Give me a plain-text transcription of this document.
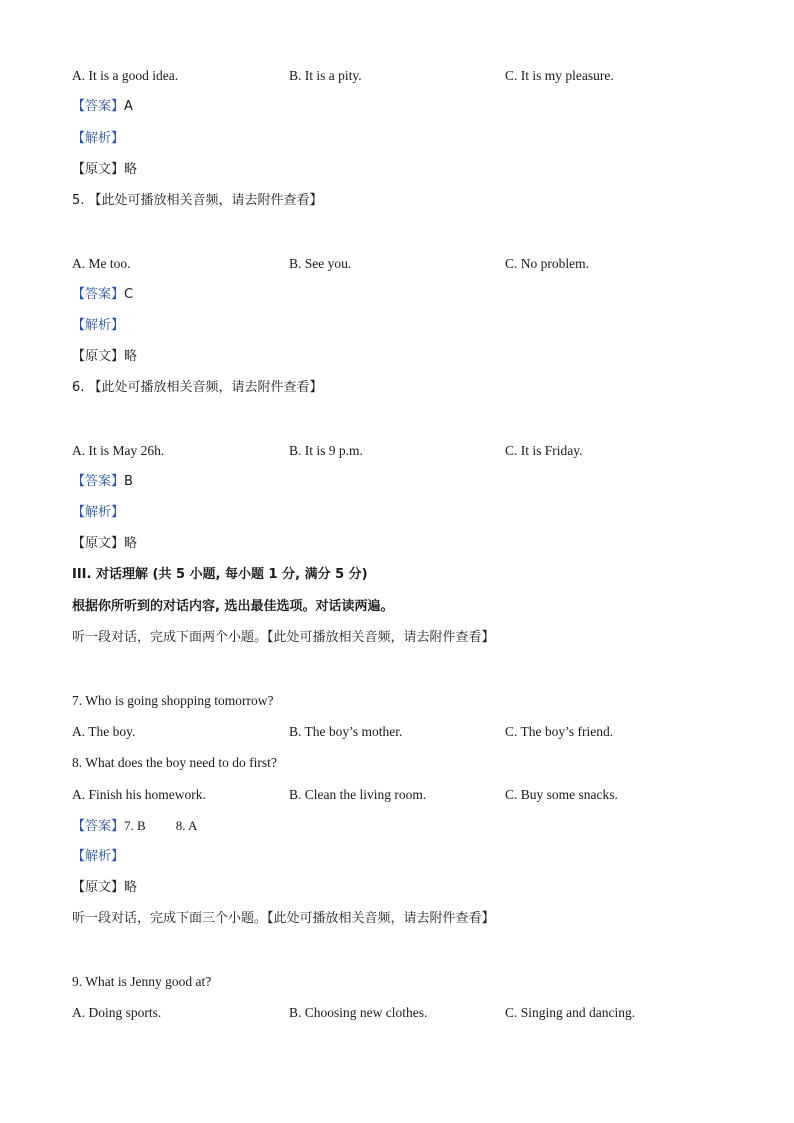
A. It is a good idea.	B. It is a pity.	C. It is my pleasure.
【答案】A
【解析】
【原文】略
5. 【此处可播放相关音频，请去附件查看】
A. Me too.	B. See you.	C. No problem.
【答案】C
【解析】
【原文】略
6. 【此处可播放相关音频，请去附件查看】
A. It is May 26h.	B. It is 9 p.m.	C. It is Friday.
【答案】B
【解析】
【原文】略
III. 对话理解 (共 5 小题, 每小题 1 分, 满分 5 分)
根据你所听到的对话内容, 选出最佳选项。对话读两遍。
听一段对话，完成下面两个小题。【此处可播放相关音频，请去附件查看】
7. Who is going shopping tomorrow?
A. The boy.	B. The boy’s mother.	C. The boy’s friend.
8. What does the boy need to do first?
A. Finish his homework.	B. Clean the living room.	C. Buy some snacks.
【答案】7. B 8. A
【解析】
【原文】略
听一段对话，完成下面三个小题。【此处可播放相关音频，请去附件查看】
9. What is Jenny good at?
A. Doing sports.	B. Choosing new clothes.	C. Singing and dancing.
